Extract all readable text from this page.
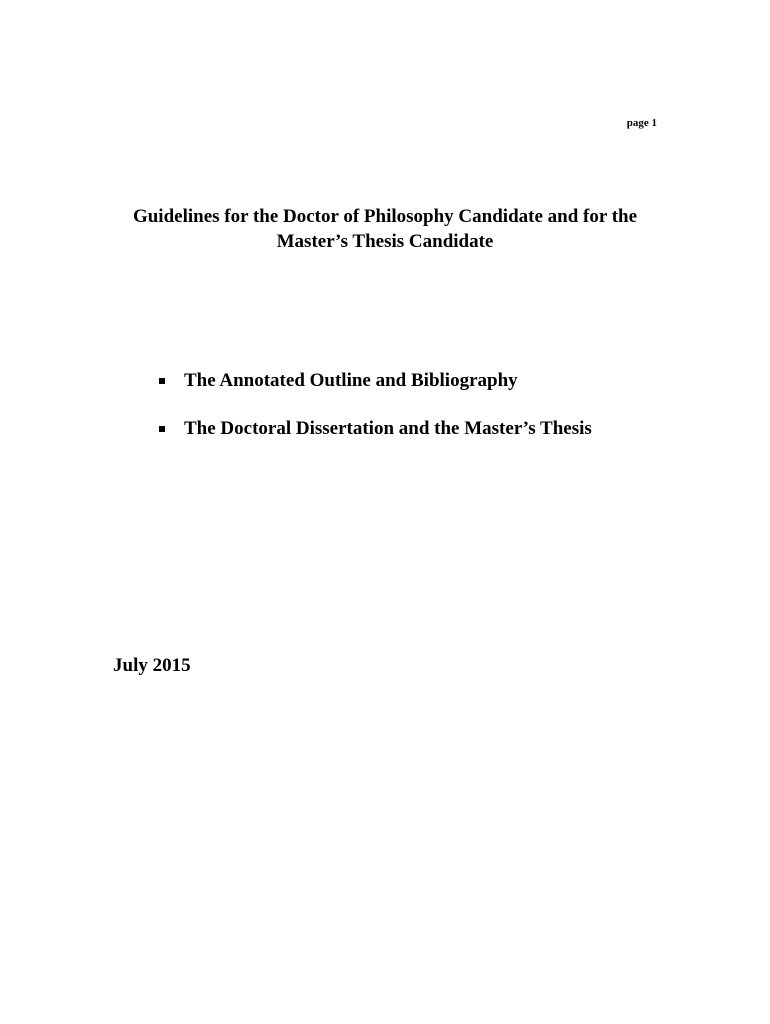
page 1
Guidelines for the Doctor of Philosophy Candidate and for the
Master’s Thesis Candidate
The Annotated Outline and Bibliography
The Doctoral Dissertation and the Master’s Thesis
July 2015
